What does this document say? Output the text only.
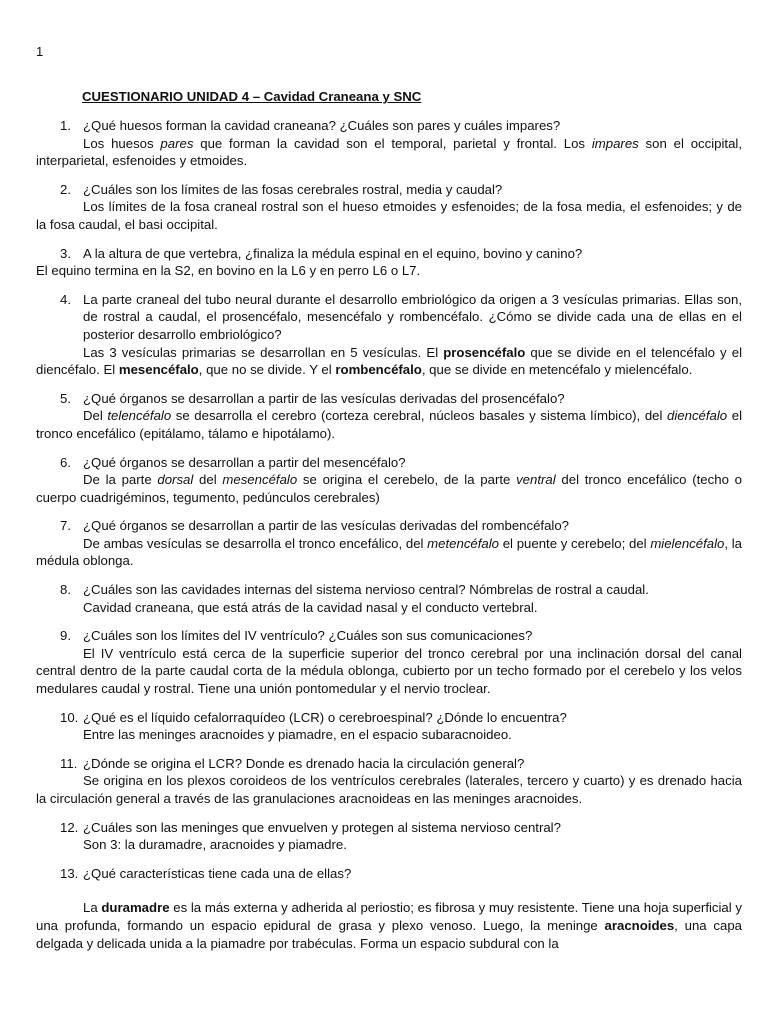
1
CUESTIONARIO UNIDAD 4 – Cavidad Craneana y SNC
1. ¿Qué huesos forman la cavidad craneana? ¿Cuáles son pares y cuáles impares?

Los huesos pares que forman la cavidad son el temporal, parietal y frontal. Los impares son el occipital, interparietal, esfenoides y etmoides.

2. ¿Cuáles son los límites de las fosas cerebrales rostral, media y caudal?

Los límites de la fosa craneal rostral son el hueso etmoides y esfenoides; de la fosa media, el esfenoides; y de la fosa caudal, el basi occipital.

3. A la altura de que vertebra, ¿finaliza la médula espinal en el equino, bovino y canino?

El equino termina en la S2, en bovino en la L6 y en perro L6 o L7.

4. La parte craneal del tubo neural durante el desarrollo embriológico da origen a 3 vesículas primarias. Ellas son, de rostral a caudal, el prosencéfalo, mesencéfalo y rombencéfalo. ¿Cómo se divide cada una de ellas en el posterior desarrollo embriológico?

Las 3 vesículas primarias se desarrollan en 5 vesículas. El prosencéfalo que se divide en el telencéfalo y el diencéfalo. El mesencéfalo, que no se divide. Y el rombencéfalo, que se divide en metencéfalo y mielencéfalo.

5. ¿Qué órganos se desarrollan a partir de las vesículas derivadas del prosencéfalo?

Del telencéfalo se desarrolla el cerebro (corteza cerebral, núcleos basales y sistema límbico), del diencéfalo el tronco encefálico (epitálamo, tálamo e hipotálamo).

6. ¿Qué órganos se desarrollan a partir del mesencéfalo?

De la parte dorsal del mesencéfalo se origina el cerebelo, de la parte ventral del tronco encefálico (techo o cuerpo cuadrigéminos, tegumento, pedúnculos cerebrales)

7. ¿Qué órganos se desarrollan a partir de las vesículas derivadas del rombencéfalo?

De ambas vesículas se desarrolla el tronco encefálico, del metencéfalo el puente y cerebelo; del mielencéfalo, la médula oblonga.

8. ¿Cuáles son las cavidades internas del sistema nervioso central? Nómbrelas de rostral a caudal.

Cavidad craneana, que está atrás de la cavidad nasal y el conducto vertebral.

9. ¿Cuáles son los límites del IV ventrículo? ¿Cuáles son sus comunicaciones?

El IV ventrículo está cerca de la superficie superior del tronco cerebral por una inclinación dorsal del canal central dentro de la parte caudal corta de la médula oblonga, cubierto por un techo formado por el cerebelo y los velos medulares caudal y rostral. Tiene una unión pontomedular y el nervio troclear.

10. ¿Qué es el líquido cefalorraquídeo (LCR) o cerebroespinal? ¿Dónde lo encuentra?

Entre las meninges aracnoides y piamadre, en el espacio subaracnoideo.

11. ¿Dónde se origina el LCR? Donde es drenado hacia la circulación general?

Se origina en los plexos coroideos de los ventrículos cerebrales (laterales, tercero y cuarto) y es drenado hacia la circulación general a través de las granulaciones aracnoideas en las meninges aracnoides.

12. ¿Cuáles son las meninges que envuelven y protegen al sistema nervioso central?

Son 3: la duramadre, aracnoides y piamadre.

13. ¿Qué características tiene cada una de ellas?

La duramadre es la más externa y adherida al periostio; es fibrosa y muy resistente. Tiene una hoja superficial y una profunda, formando un espacio epidural de grasa y plexo venoso. Luego, la meninge aracnoides, una capa delgada y delicada unida a la piamadre por trabéculas. Forma un espacio subdural con la
